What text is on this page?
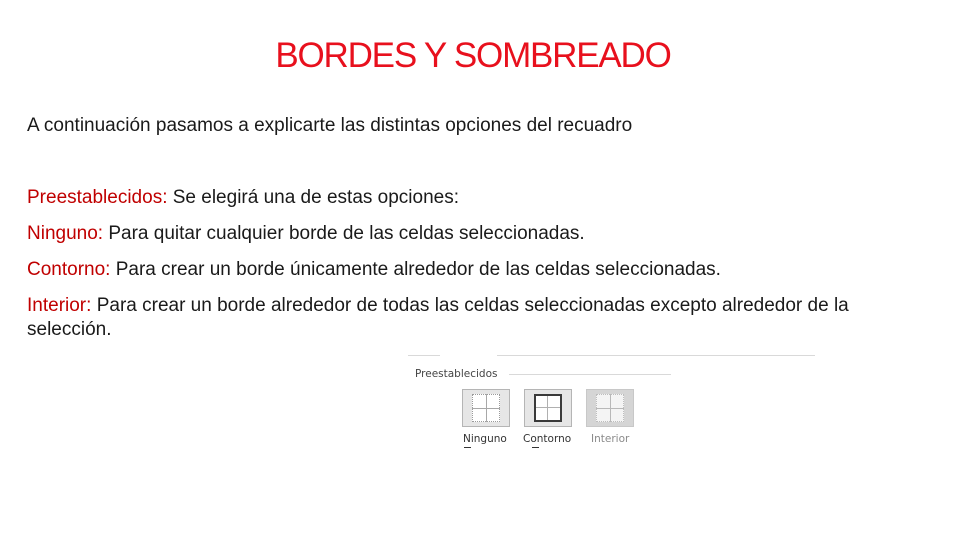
BORDES Y SOMBREADO

A continuación pasamos a explicarte las distintas opciones del recuadro

Preestablecidos: Se elegirá una de estas opciones:

Ninguno: Para quitar cualquier borde de las celdas seleccionadas.

Contorno: Para crear un borde únicamente alrededor de las celdas seleccionadas.

Interior: Para crear un borde alrededor de todas las celdas seleccionadas excepto alrededor de la selección.

Preestablecidos
Ninguno Contorno Interior
